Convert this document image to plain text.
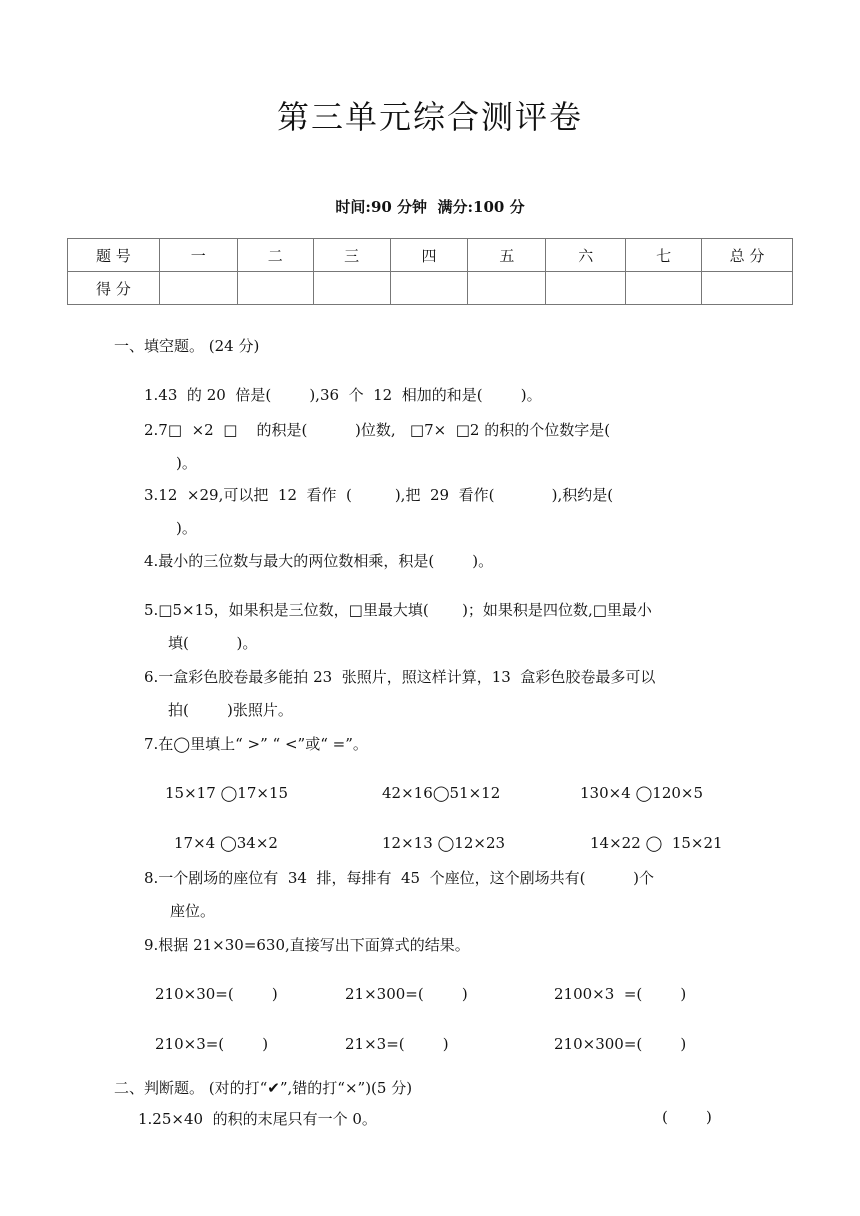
第三单元综合测评卷
时间:90 分钟  满分:100 分
题 号	一	二	三	四	五	六	七	总 分
得 分								
一、填空题。 (24 分)
1.43  的 20  倍是(        ),36  个  12  相加的和是(        )。
2.7□  ×2  □    的积是(          )位数,   □7×  □2 的积的个位数字是(
)。
3.12  ×29,可以把  12  看作  (         ),把  29  看作(            ),积约是(
)。
4.最小的三位数与最大的两位数相乘，积是(        )。
5.□5×15，如果积是三位数，□里最大填(       )；如果积是四位数,□里最小
填(          )。
6.一盒彩色胶卷最多能拍 23  张照片，照这样计算，13  盒彩色胶卷最多可以
拍(        )张照片。
7.在◯里填上“ >” “ <”或“ =”。
15×17 ◯17×15	42×16◯51×12	130×4 ◯120×5
17×4 ◯34×2	12×13 ◯12×23	14×22 ◯  15×21
8.一个剧场的座位有  34  排，每排有  45  个座位，这个剧场共有(          )个
座位。
9.根据 21×30=630,直接写出下面算式的结果。
210×30=(        )	21×300=(        )	2100×3  =(        )
210×3=(        )	21×3=(        )	210×300=(        )
二、判断题。 (对的打“✔”,错的打“×”)(5 分)
1.25×40  的积的末尾只有一个 0。	(        )
